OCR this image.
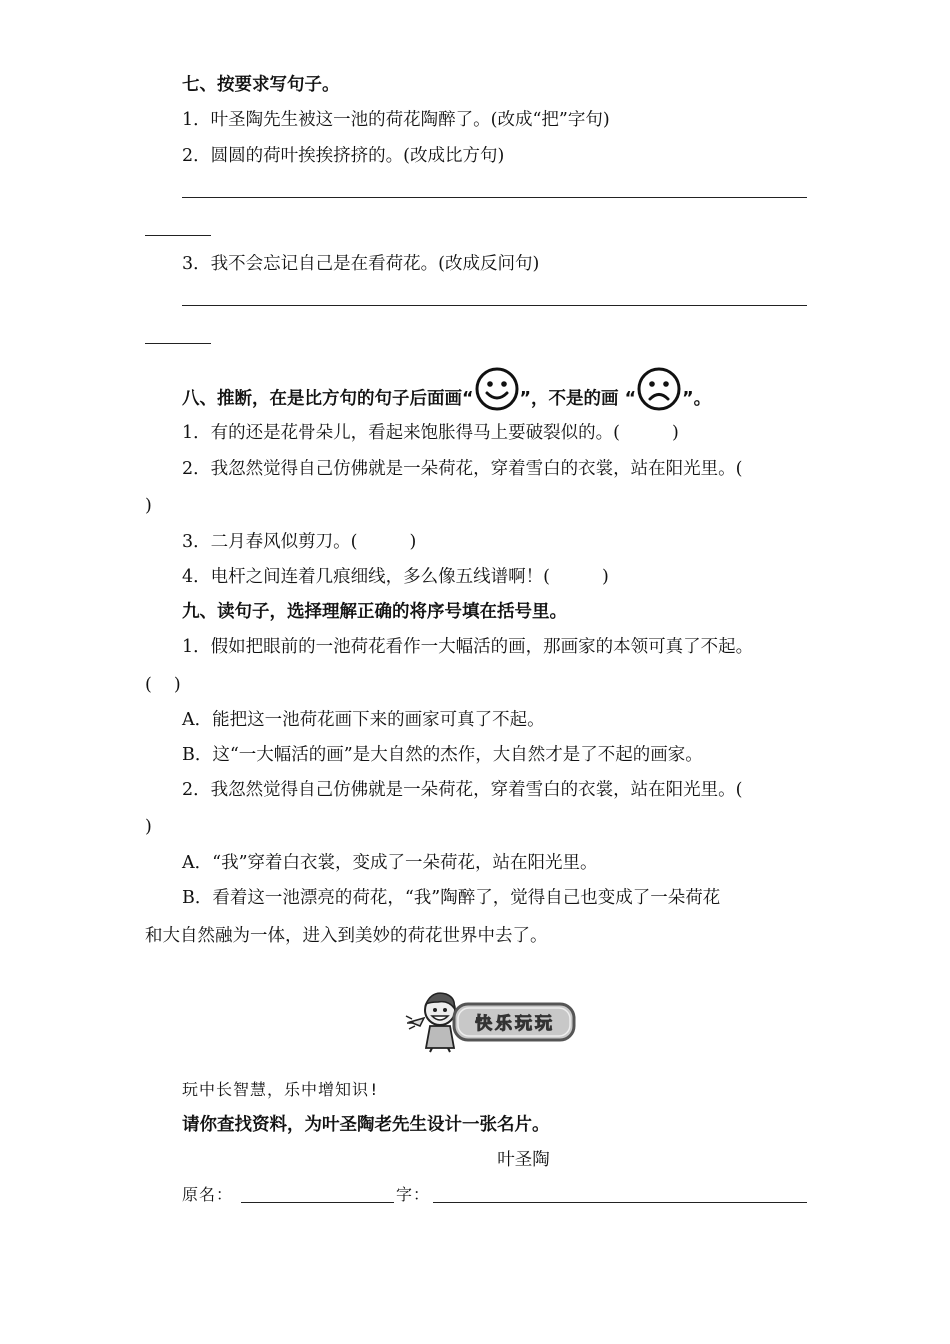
七、按要求写句子。
1．叶圣陶先生被这一池的荷花陶醉了。(改成“把”字句)
2．圆圆的荷叶挨挨挤挤的。(改成比方句)
3．我不会忘记自己是在看荷花。(改成反问句)
八、推断，在是比方句的句子后面画“	”，不是的画 “	”。
1．有的还是花骨朵儿，看起来饱胀得马上要破裂似的。(	)
2．我忽然觉得自己仿佛就是一朵荷花，穿着雪白的衣裳，站在阳光里。(
)
3．二月春风似剪刀。(	)
4．电杆之间连着几痕细线，多么像五线谱啊！(	)
九、读句子，选择理解正确的将序号填在括号里。
1．假如把眼前的一池荷花看作一大幅活的画，那画家的本领可真了不起。
( )
A．能把这一池荷花画下来的画家可真了不起。
B．这“一大幅活的画”是大自然的杰作，大自然才是了不起的画家。
2．我忽然觉得自己仿佛就是一朵荷花，穿着雪白的衣裳，站在阳光里。(
)
A．“我”穿着白衣裳，变成了一朵荷花，站在阳光里。
B．看着这一池漂亮的荷花，“我”陶醉了，觉得自己也变成了一朵荷花
和大自然融为一体，进入到美妙的荷花世界中去了。
快乐玩玩
玩中长智慧，乐中增知识!
请你查找资料，为叶圣陶老先生设计一张名片。
叶圣陶
原名：	字：
